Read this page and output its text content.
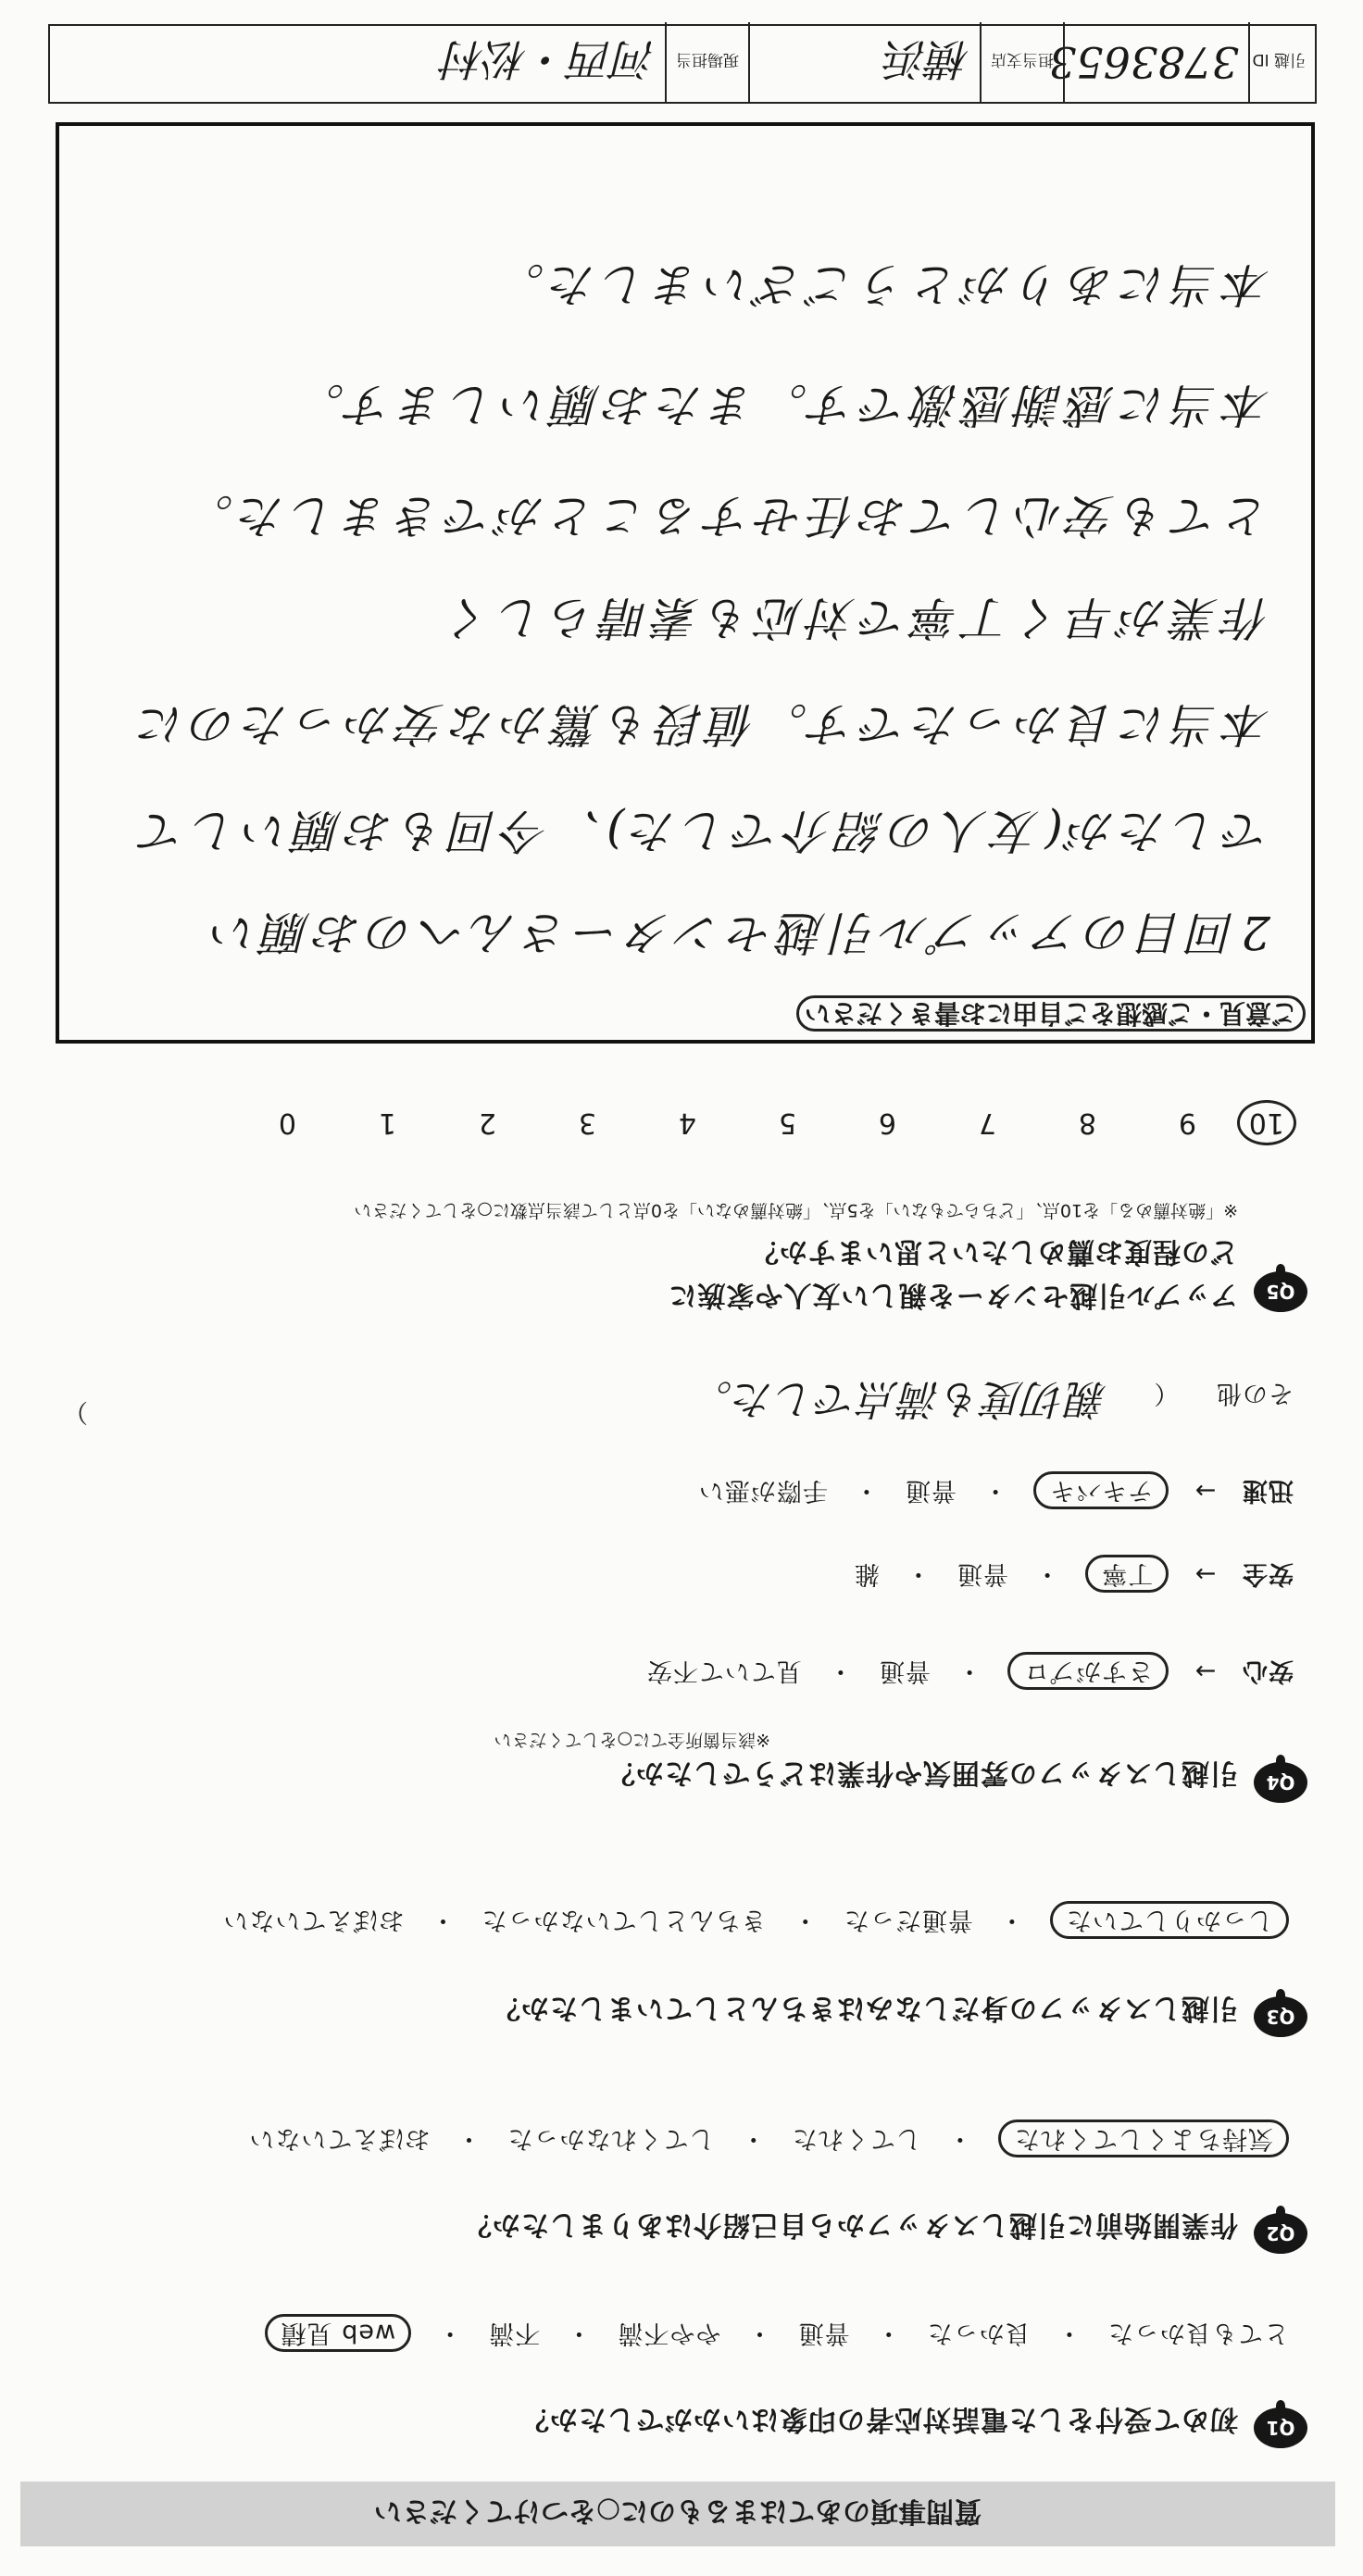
引越 ID
3783653
担当支店
横浜
現場担当
河西・松村
ご意見・ご感想をご自由にお書きください
2回目のアップル引越センターさんへのお願い
でしたが(友人の紹介でした)、今回もお願いして
本当に良かったです。値段も驚かな安かったのに
作業が早く丁寧で対応も素晴らしく
とても安心してお任せすることができました。
本当に感謝感激です。またお願いします。
本当にありがとうございました。
Q5
アップル引越センターを親しい友人や家族に
どの程度お薦めしたいと思いますか？
※「絶対薦める」を10点、「どちらでもない」を5点、「絶対薦めない」を0点として該当点数に○をしてください
109876543210
Q4
引越しスタッフの雰囲気や作業はどうでしたか？
※該当箇所全てに○をしてください
安心 → さすがプロ ・ 普通 ・ 見ていて不安
安全 → 丁寧 ・ 普通 ・ 雑
迅速 → テキパキ ・ 普通 ・ 手際が悪い
その他 （ 親切度も満点でした。
）
Q3
引越しスタッフの身だしなみはきちんとしていましたか？
しっかりしていた ・ 普通だった ・ きちんとしていなかった ・ おぼえていない
Q2
作業開始前に引越しスタッフから自己紹介はありましたか？
気持ちよくしてくれた ・ してくれた ・ してくれなかった ・ おぼえていない
Q1
初めて受付をした電話対応者の印象はいかがでしたか？
とても良かった ・ 良かった ・ 普通 ・ やや不満 ・ 不満 ・ web 見積
質問事項のあてはまるものに○をつけてください
